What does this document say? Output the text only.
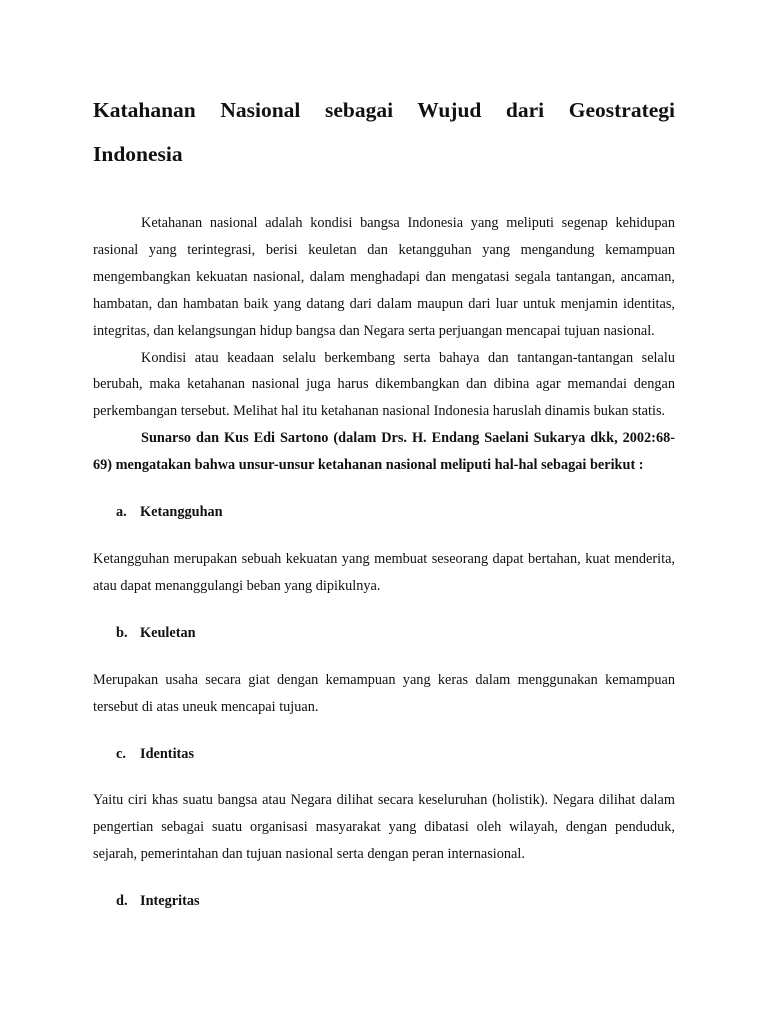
Katahanan Nasional sebagai Wujud dari Geostrategi Indonesia

Ketahanan nasional adalah kondisi bangsa Indonesia yang meliputi segenap kehidupan rasional yang terintegrasi, berisi keuletan dan ketangguhan yang mengandung kemampuan mengembangkan kekuatan nasional, dalam menghadapi dan mengatasi segala tantangan, ancaman, hambatan, dan hambatan baik yang datang dari dalam maupun dari luar untuk menjamin identitas, integritas, dan kelangsungan hidup bangsa dan Negara serta perjuangan mencapai tujuan nasional.

Kondisi atau keadaan selalu berkembang serta bahaya dan tantangan-tantangan selalu berubah, maka ketahanan nasional juga harus dikembangkan dan dibina agar memandai dengan perkembangan tersebut. Melihat hal itu ketahanan nasional Indonesia haruslah dinamis bukan statis.

Sunarso dan Kus Edi Sartono (dalam Drs. H. Endang Saelani Sukarya dkk, 2002:68-69) mengatakan bahwa unsur-unsur ketahanan nasional meliputi hal-hal sebagai berikut :

a. Ketangguhan

Ketangguhan merupakan sebuah kekuatan yang membuat seseorang dapat bertahan, kuat menderita, atau dapat menanggulangi beban yang dipikulnya.

b. Keuletan

Merupakan usaha secara giat dengan kemampuan yang keras dalam menggunakan kemampuan tersebut di atas uneuk mencapai tujuan.

c. Identitas

Yaitu ciri khas suatu bangsa atau Negara dilihat secara keseluruhan (holistik). Negara dilihat dalam pengertian sebagai suatu organisasi masyarakat yang dibatasi oleh wilayah, dengan penduduk, sejarah, pemerintahan dan tujuan nasional serta dengan peran internasional.

d. Integritas
